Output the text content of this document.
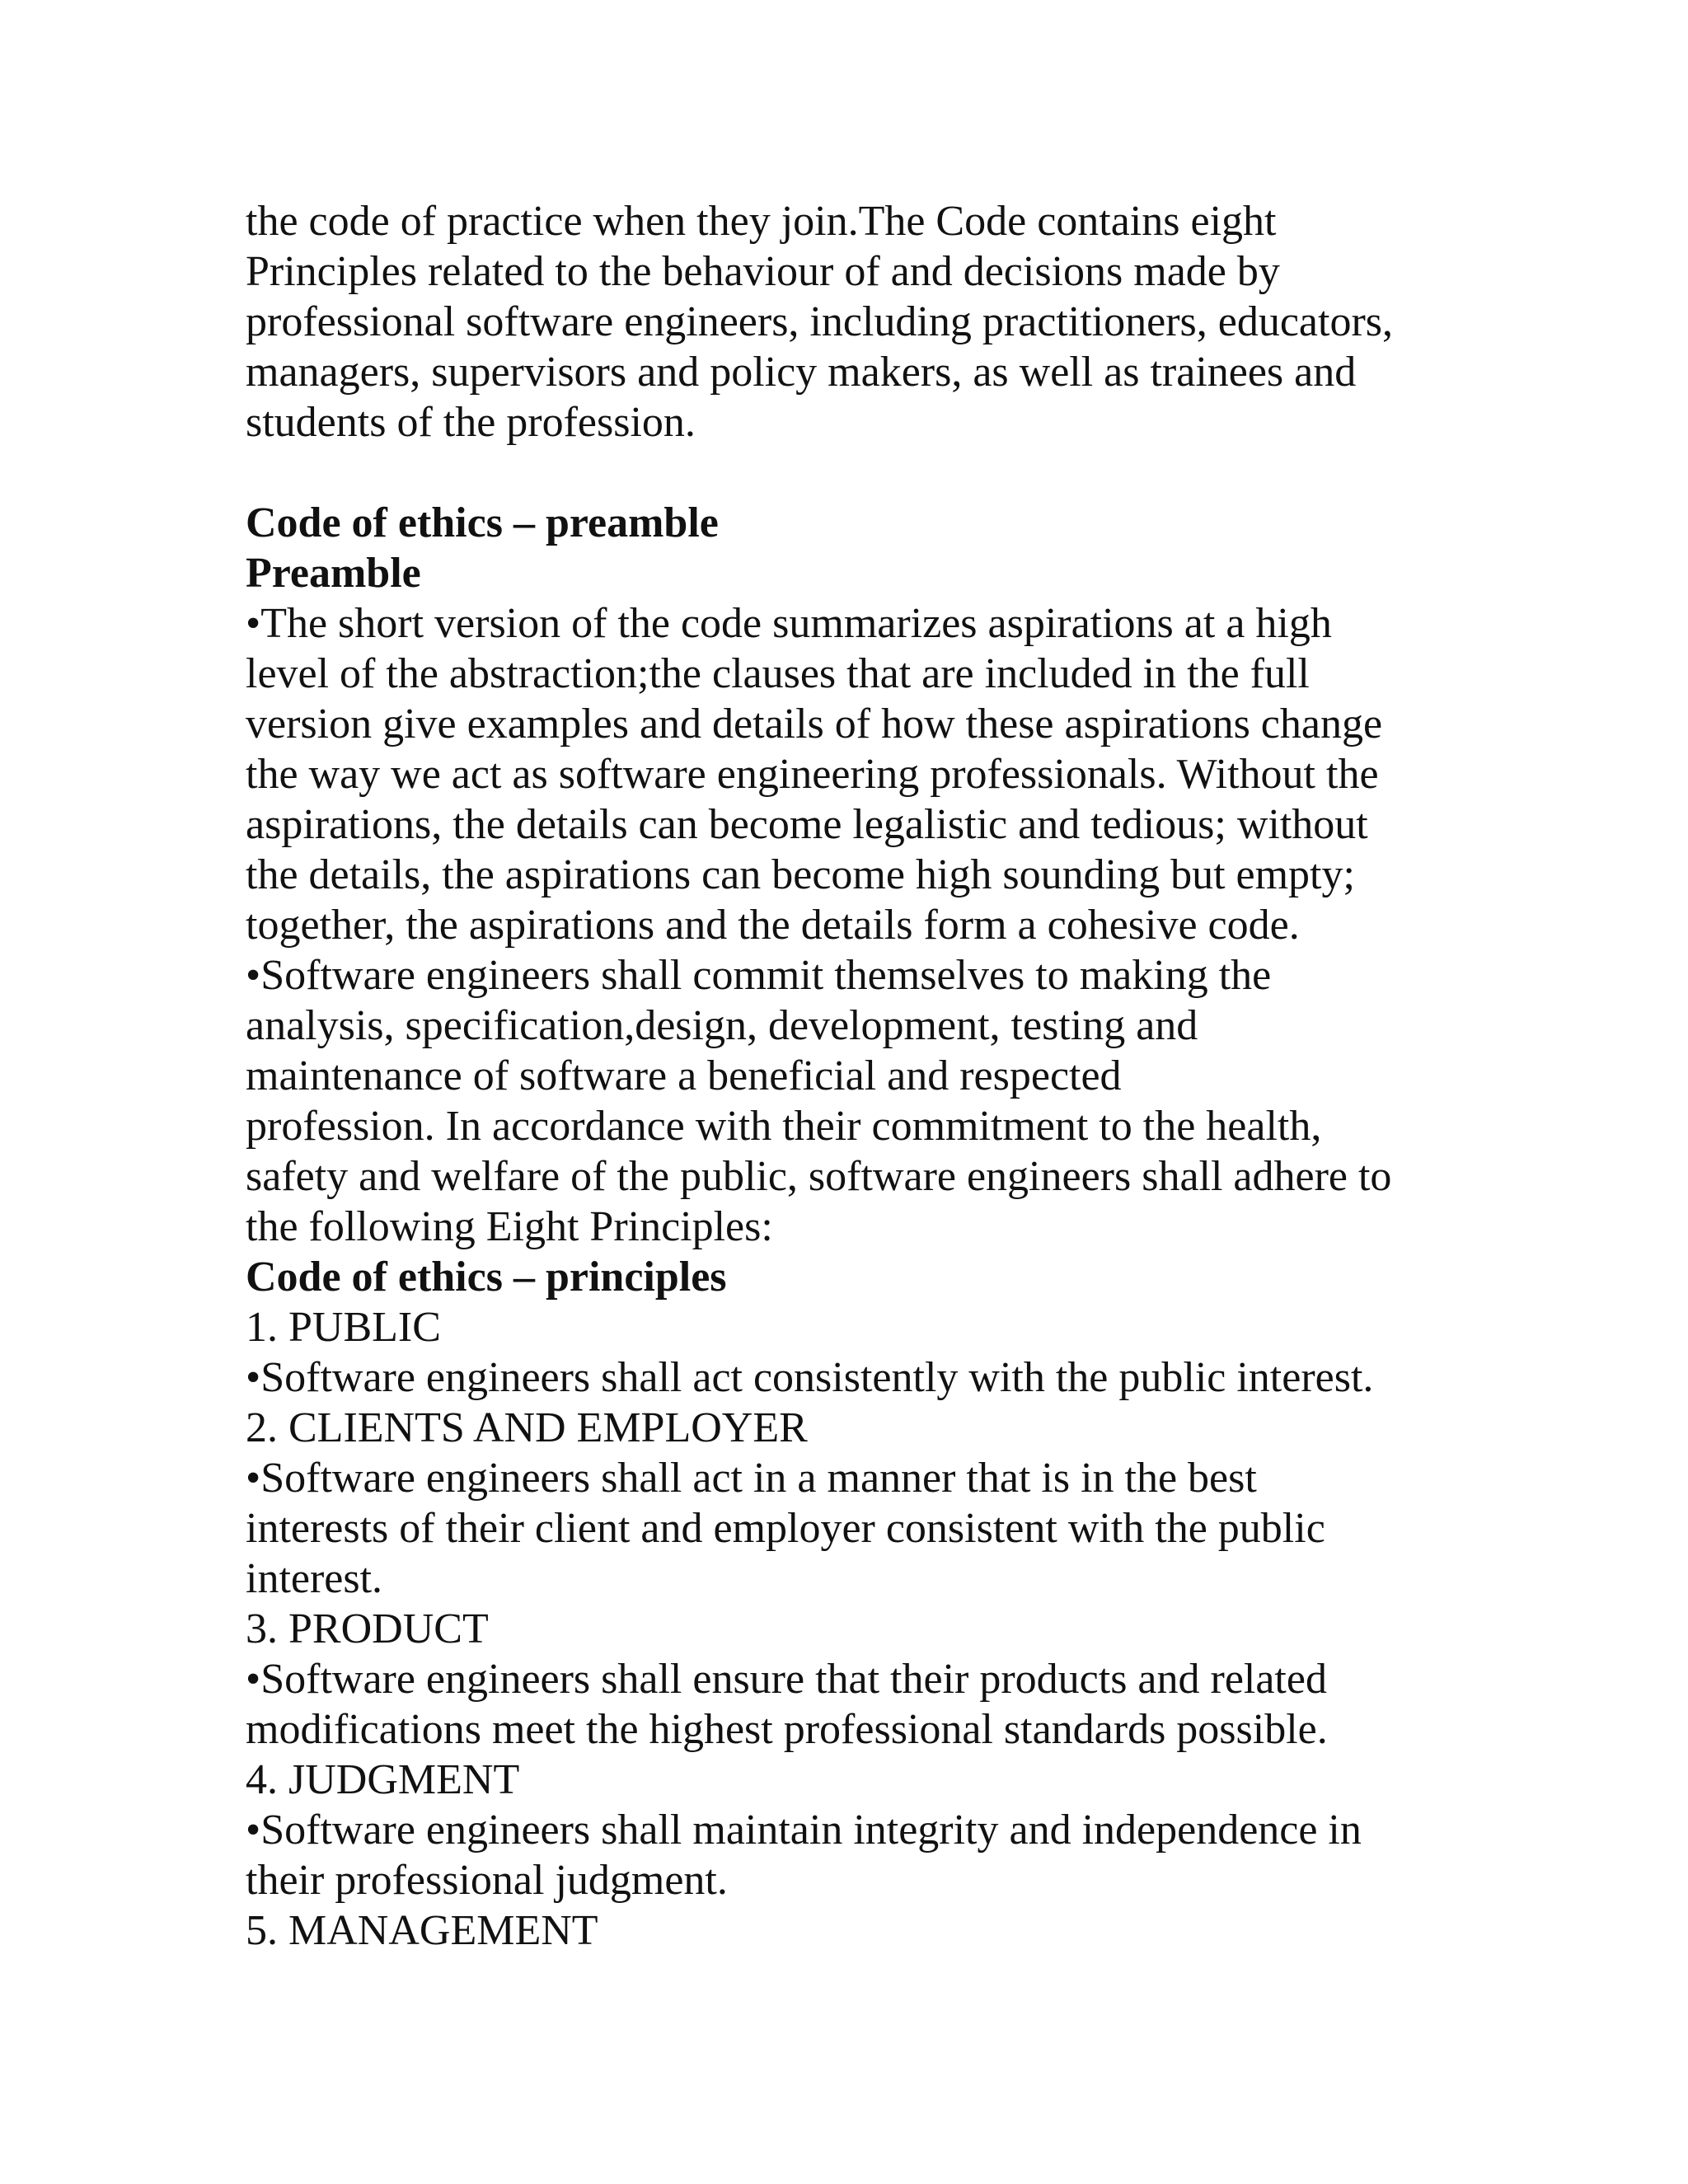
the code of practice when they join.The Code contains eight
Principles related to the behaviour of and decisions made by
professional software engineers, including practitioners, educators,
managers, supervisors and policy makers, as well as trainees and
students of the profession.
Code of ethics – preamble
Preamble
•The short version of the code summarizes aspirations at a high
level of the abstraction;the clauses that are included in the full
version give examples and details of how these aspirations change
the way we act as software engineering professionals. Without the
aspirations, the details can become legalistic and tedious; without
the details, the aspirations can become high sounding but empty;
together, the aspirations and the details form a cohesive code.
•Software engineers shall commit themselves to making the
analysis, specification,design, development, testing and
maintenance of software a beneficial and respected
profession. In accordance with their commitment to the health,
safety and welfare of the public, software engineers shall adhere to
the following Eight Principles:
Code of ethics – principles
1. PUBLIC
•Software engineers shall act consistently with the public interest.
2. CLIENTS AND EMPLOYER
•Software engineers shall act in a manner that is in the best
interests of their client and employer consistent with the public
interest.
3. PRODUCT
•Software engineers shall ensure that their products and related
modifications meet the highest professional standards possible.
4. JUDGMENT
•Software engineers shall maintain integrity and independence in
their professional judgment.
5. MANAGEMENT
